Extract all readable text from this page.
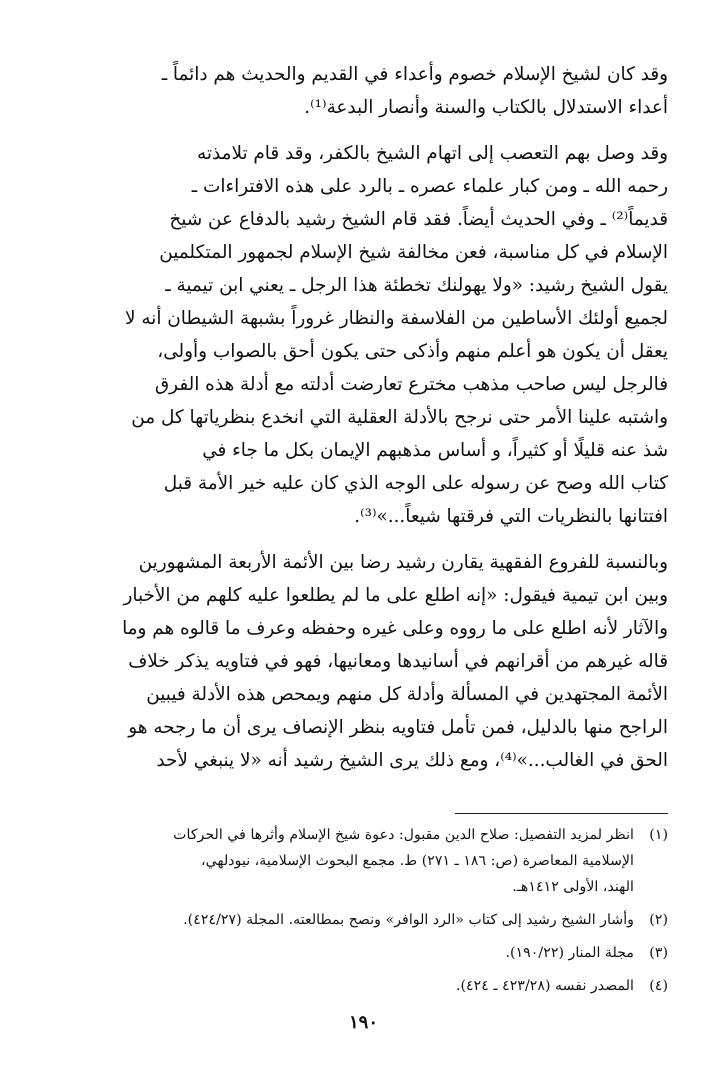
وقد كان لشيخ الإسلام خصوم وأعداء في القديم والحديث هم دائماً ـ
أعداء الاستدلال بالكتاب والسنة وأنصار البدعة⁽¹⁾.

وقد وصل بهم التعصب إلى اتهام الشيخ بالكفر، وقد قام تلامذته
رحمه الله ـ ومن كبار علماء عصره ـ بالرد على هذه الافتراءات ـ
قديماً⁽²⁾ ـ وفي الحديث أيضاً. فقد قام الشيخ رشيد بالدفاع عن شيخ
الإسلام في كل مناسبة، فعن مخالفة شيخ الإسلام لجمهور المتكلمين
يقول الشيخ رشيد: «ولا يهولنك تخطئة هذا الرجل ـ يعني ابن تيمية ـ
لجميع أولئك الأساطين من الفلاسفة والنظار غروراً بشبهة الشيطان أنه لا
يعقل أن يكون هو أعلم منهم وأذكى حتى يكون أحق بالصواب وأولى،
فالرجل ليس صاحب مذهب مخترع تعارضت أدلته مع أدلة هذه الفرق
واشتبه علينا الأمر حتى نرجح بالأدلة العقلية التي انخدع بنظرياتها كل من
شذ عنه قليلًا أو كثيراً، و أساس مذهبهم الإيمان بكل ما جاء في
كتاب الله وصح عن رسوله على الوجه الذي كان عليه خير الأمة قبل
افتتانها بالنظريات التي فرقتها شيعاً...»⁽³⁾.

وبالنسبة للفروع الفقهية يقارن رشيد رضا بين الأئمة الأربعة المشهورين
وبين ابن تيمية فيقول: «إنه اطلع على ما لم يطلعوا عليه كلهم من الأخبار
والآثار لأنه اطلع على ما رووه وعلى غيره وحفظه وعرف ما قالوه هم وما
قاله غيرهم من أقرانهم في أسانيدها ومعانيها، فهو في فتاويه يذكر خلاف
الأئمة المجتهدين في المسألة وأدلة كل منهم ويمحص هذه الأدلة فيبين
الراجح منها بالدليل، فمن تأمل فتاويه بنظر الإنصاف يرى أن ما رجحه هو
الحق في الغالب...»⁽⁴⁾، ومع ذلك يرى الشيخ رشيد أنه «لا ينبغي لأحد

(١)
انظر لمزيد التفصيل: صلاح الدين مقبول: دعوة شيخ الإسلام وأثرها في الحركات
الإسلامية المعاصرة (ص: ١٨٦ ـ ٢٧١) ط. مجمع البحوث الإسلامية، نيودلهي،
الهند، الأولى ١٤١٢هـ.
(٢)
وأشار الشيخ رشيد إلى كتاب «الرد الوافر» ونصح بمطالعته. المجلة (٤٢٤/٢٧).
(٣)
مجلة المنار (١٩٠/٢٢).
(٤)
المصدر نفسه (٤٢٣/٢٨ ـ ٤٢٤).
١٩٠
